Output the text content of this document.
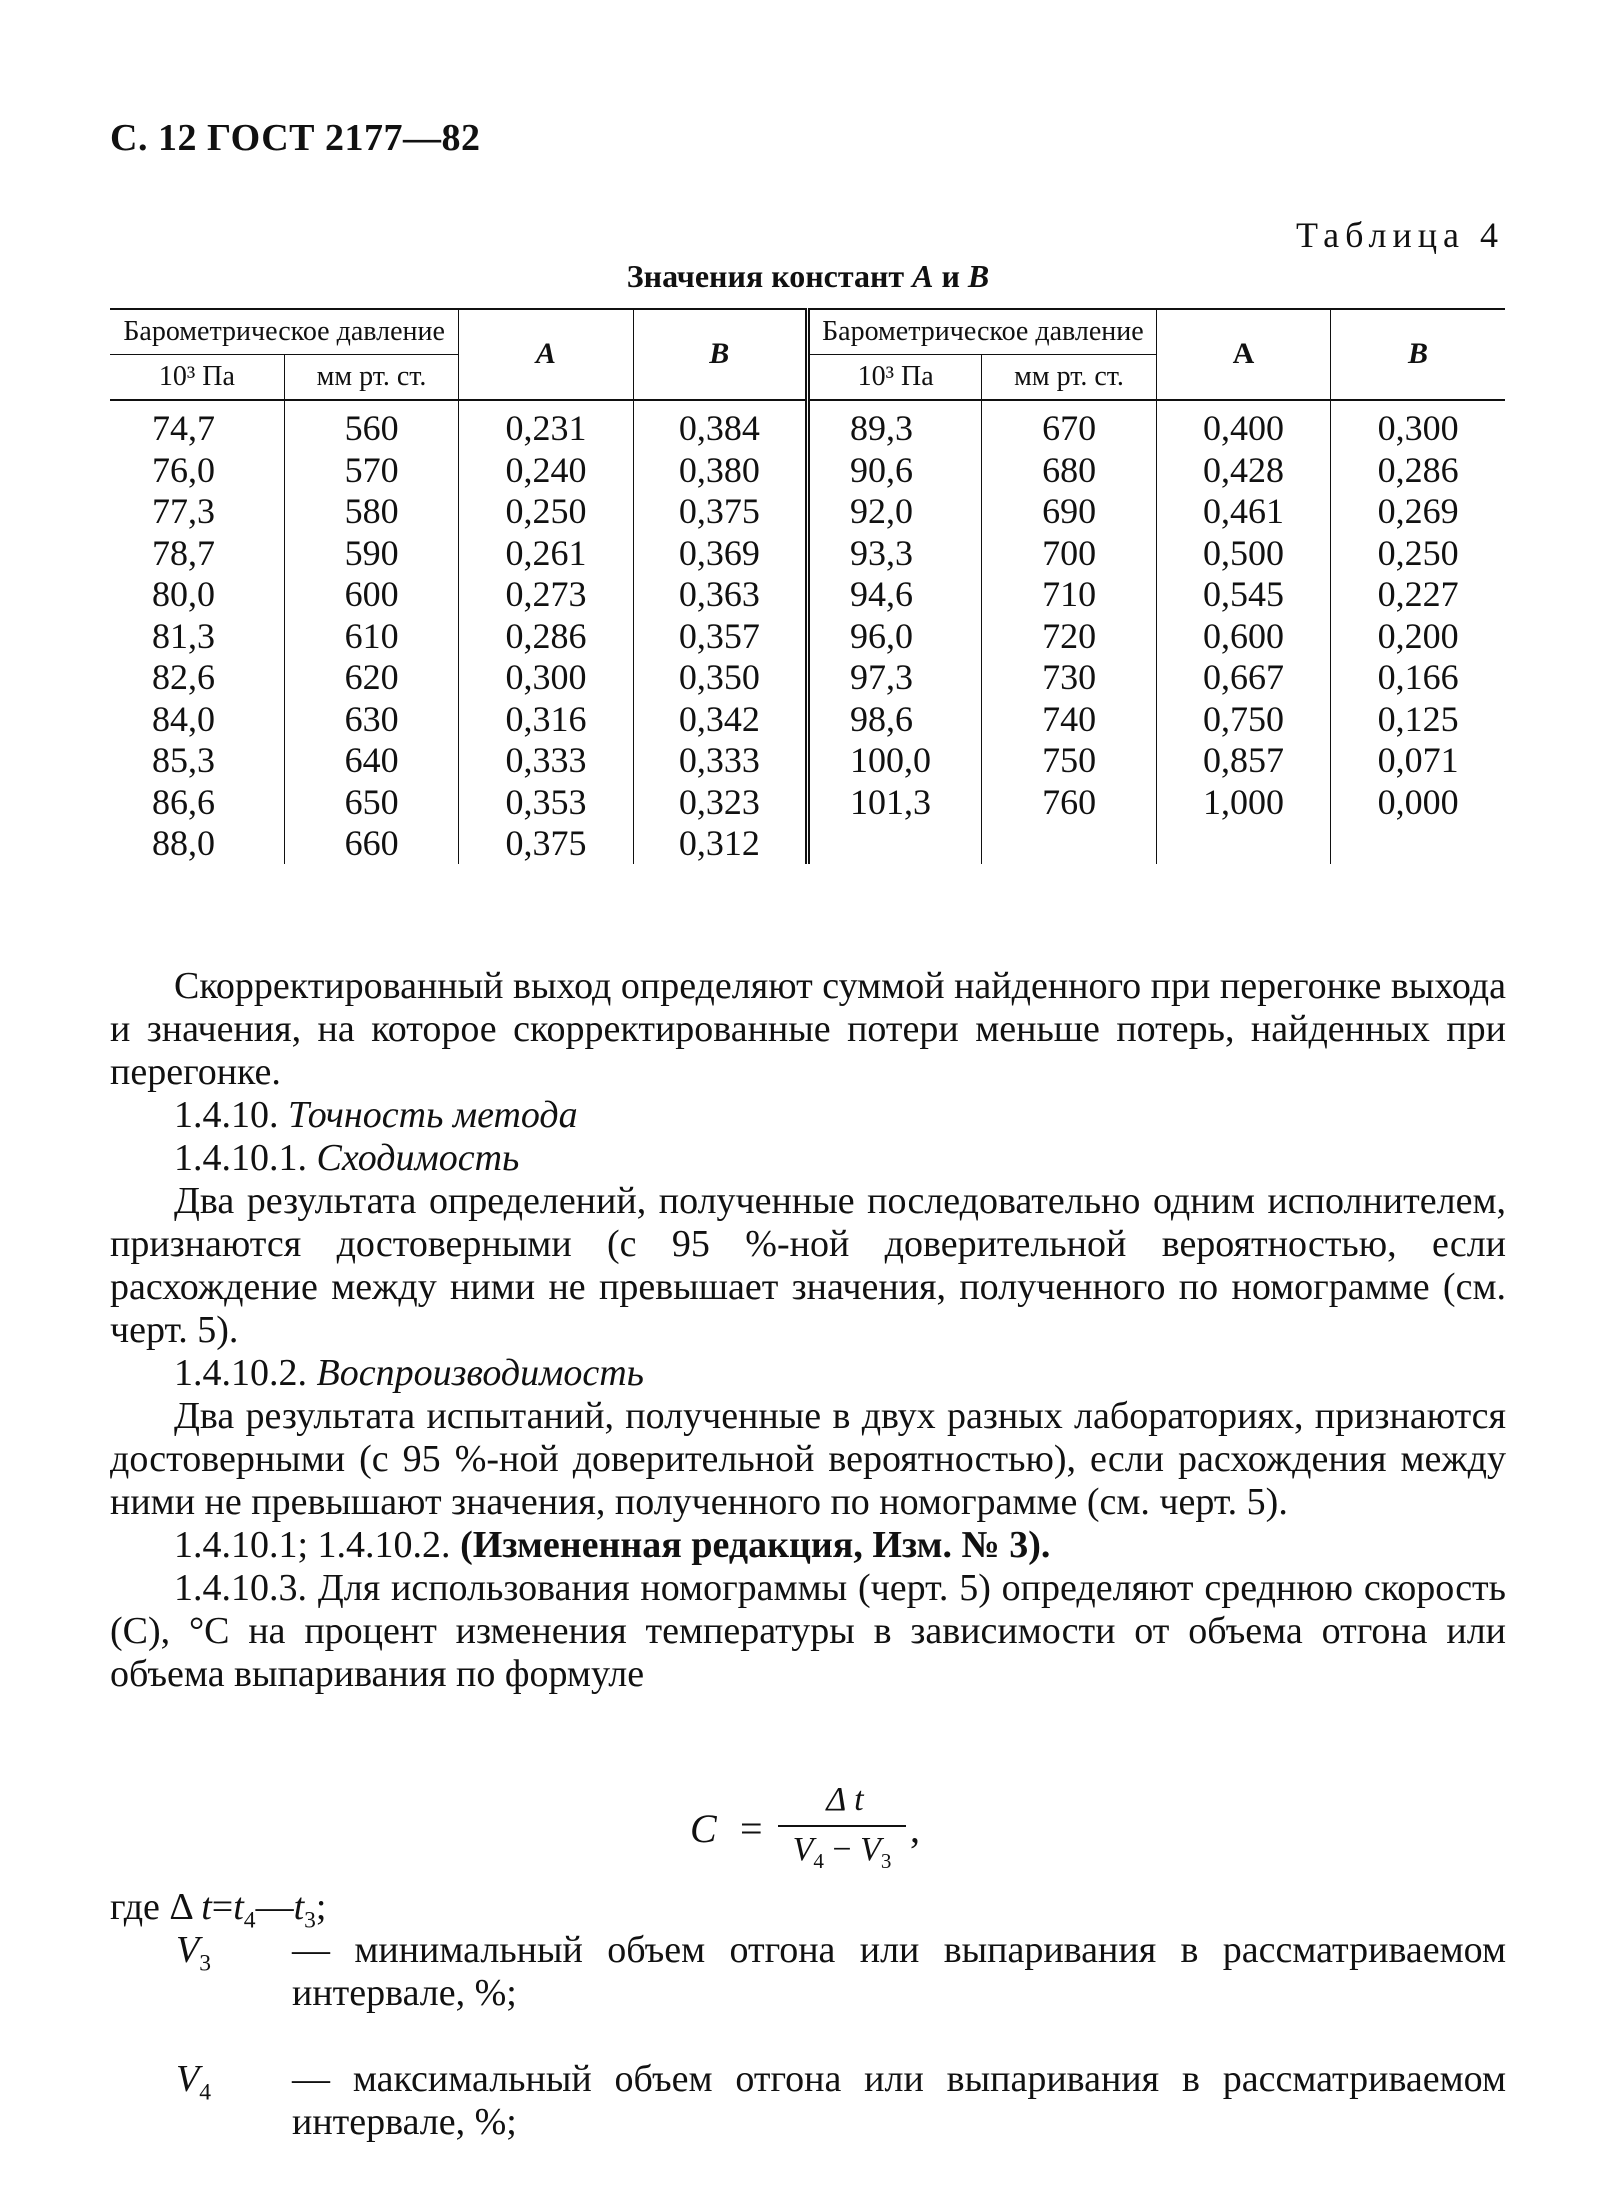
С. 12 ГОСТ 2177—82
Таблица 4
Значения констант A и B
Барометрическое давление		A	B	Барометрическое давление		A	B
10³ Па	мм рт. ст.			10³ Па	мм рт. ст.		
74,7	560	0,231	0,384	89,3	670	0,400	0,300
76,0	570	0,240	0,380	90,6	680	0,428	0,286
77,3	580	0,250	0,375	92,0	690	0,461	0,269
78,7	590	0,261	0,369	93,3	700	0,500	0,250
80,0	600	0,273	0,363	94,6	710	0,545	0,227
81,3	610	0,286	0,357	96,0	720	0,600	0,200
82,6	620	0,300	0,350	97,3	730	0,667	0,166
84,0	630	0,316	0,342	98,6	740	0,750	0,125
85,3	640	0,333	0,333	100,0	750	0,857	0,071
86,6	650	0,353	0,323	101,3	760	1,000	0,000
88,0	660	0,375	0,312				

Скорректированный выход определяют суммой найденного при перегонке выхода и значения, на которое скорректированные потери меньше потерь, найденных при перегонке.

1.4.10. Точность метода

1.4.10.1. Сходимость

Два результата определений, полученные последовательно одним исполнителем, признаются достоверными (с 95 %-ной доверительной вероятностью, если расхождение между ними не превышает значения, полученного по номограмме (см. черт. 5).

1.4.10.2. Воспроизводимость

Два результата испытаний, полученные в двух разных лабораториях, признаются достоверными (с 95 %-ной доверительной вероятностью), если расхождения между ними не превышают значения, полученного по номограмме (см. черт. 5).

1.4.10.1; 1.4.10.2. (Измененная редакция, Изм. № 3).

1.4.10.3. Для использования номограммы (черт. 5) определяют среднюю скорость (С), °С на процент изменения температуры в зависимости от объема отгона или объема выпаривания по формуле

C =
Δ t
$V_4 - V_3$
,
где Δ $t=t_4—t_3$;
$V_3$ — минимальный объем отгона или выпаривания в рассматриваемом интервале, %;
$V_4$ — максимальный объем отгона или выпаривания в рассматриваемом интервале, %;
